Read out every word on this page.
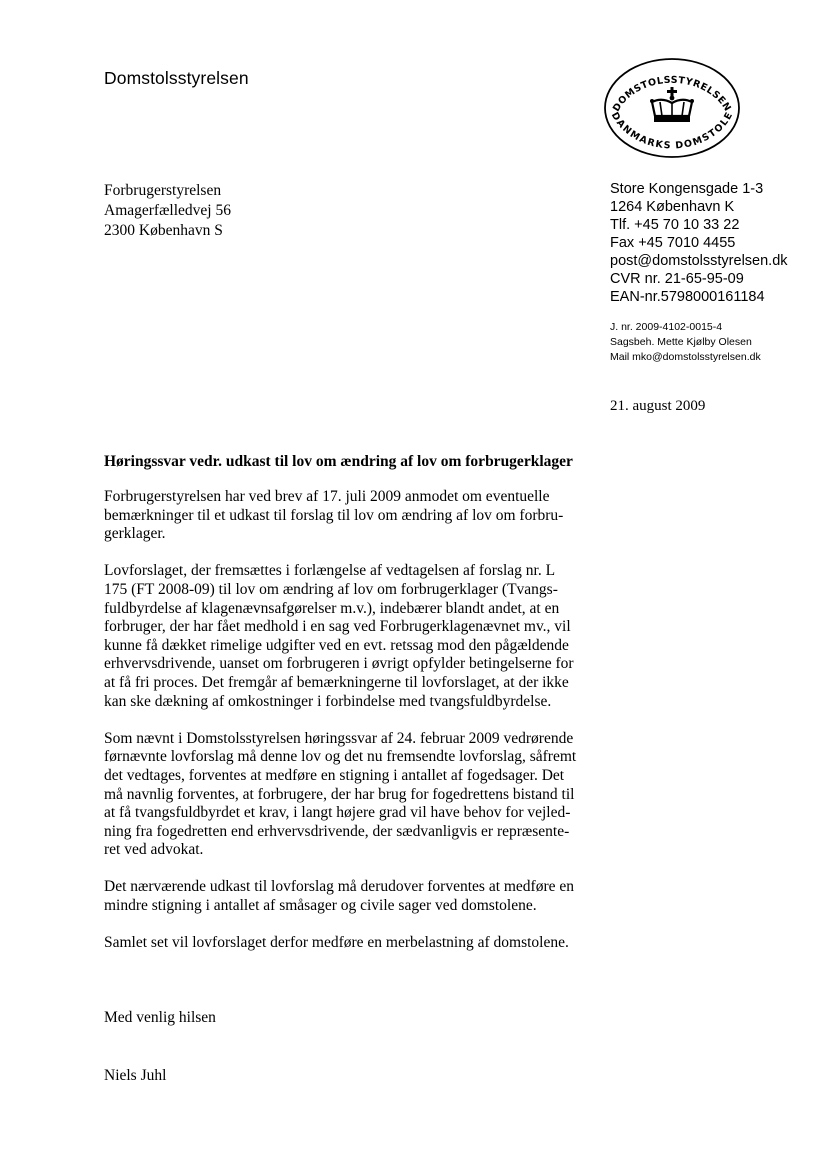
Domstolsstyrelsen
DOMSTOLSSTYRELSEN
DANMARKS DOMSTOLE
Forbrugerstyrelsen
Amagerfælledvej 56
2300 København S
Store Kongensgade 1-3
1264 København K
Tlf. +45 70 10 33 22
Fax +45 7010 4455
post@domstolsstyrelsen.dk
CVR nr. 21-65-95-09
EAN-nr.5798000161184
J. nr. 2009-4102-0015-4
Sagsbeh. Mette Kjølby Olesen
Mail mko@domstolsstyrelsen.dk
21. august 2009
Høringssvar vedr. udkast til lov om ændring af lov om forbrugerklager

Forbrugerstyrelsen har ved brev af 17. juli 2009 anmodet om eventuelle
bemærkninger til et udkast til forslag til lov om ændring af lov om forbru-
gerklager.

Lovforslaget, der fremsættes i forlængelse af vedtagelsen af forslag nr. L
175 (FT 2008-09) til lov om ændring af lov om forbrugerklager (Tvangs-
fuldbyrdelse af klagenævnsafgørelser m.v.), indebærer blandt andet, at en
forbruger, der har fået medhold i en sag ved Forbrugerklagenævnet mv., vil
kunne få dækket rimelige udgifter ved en evt. retssag mod den pågældende
erhvervsdrivende, uanset om forbrugeren i øvrigt opfylder betingelserne for
at få fri proces. Det fremgår af bemærkningerne til lovforslaget, at der ikke
kan ske dækning af omkostninger i forbindelse med tvangsfuldbyrdelse.

Som nævnt i Domstolsstyrelsen høringssvar af 24. februar 2009 vedrørende
førnævnte lovforslag må denne lov og det nu fremsendte lovforslag, såfremt
det vedtages, forventes at medføre en stigning i antallet af fogedsager. Det
må navnlig forventes, at forbrugere, der har brug for fogedrettens bistand til
at få tvangsfuldbyrdet et krav, i langt højere grad vil have behov for vejled-
ning fra fogedretten end erhvervsdrivende, der sædvanligvis er repræsente-
ret ved advokat.

Det nærværende udkast til lovforslag må derudover forventes at medføre en
mindre stigning i antallet af småsager og civile sager ved domstolene.

Samlet set vil lovforslaget derfor medføre en merbelastning af domstolene.

Med venlig hilsen
Niels Juhl
